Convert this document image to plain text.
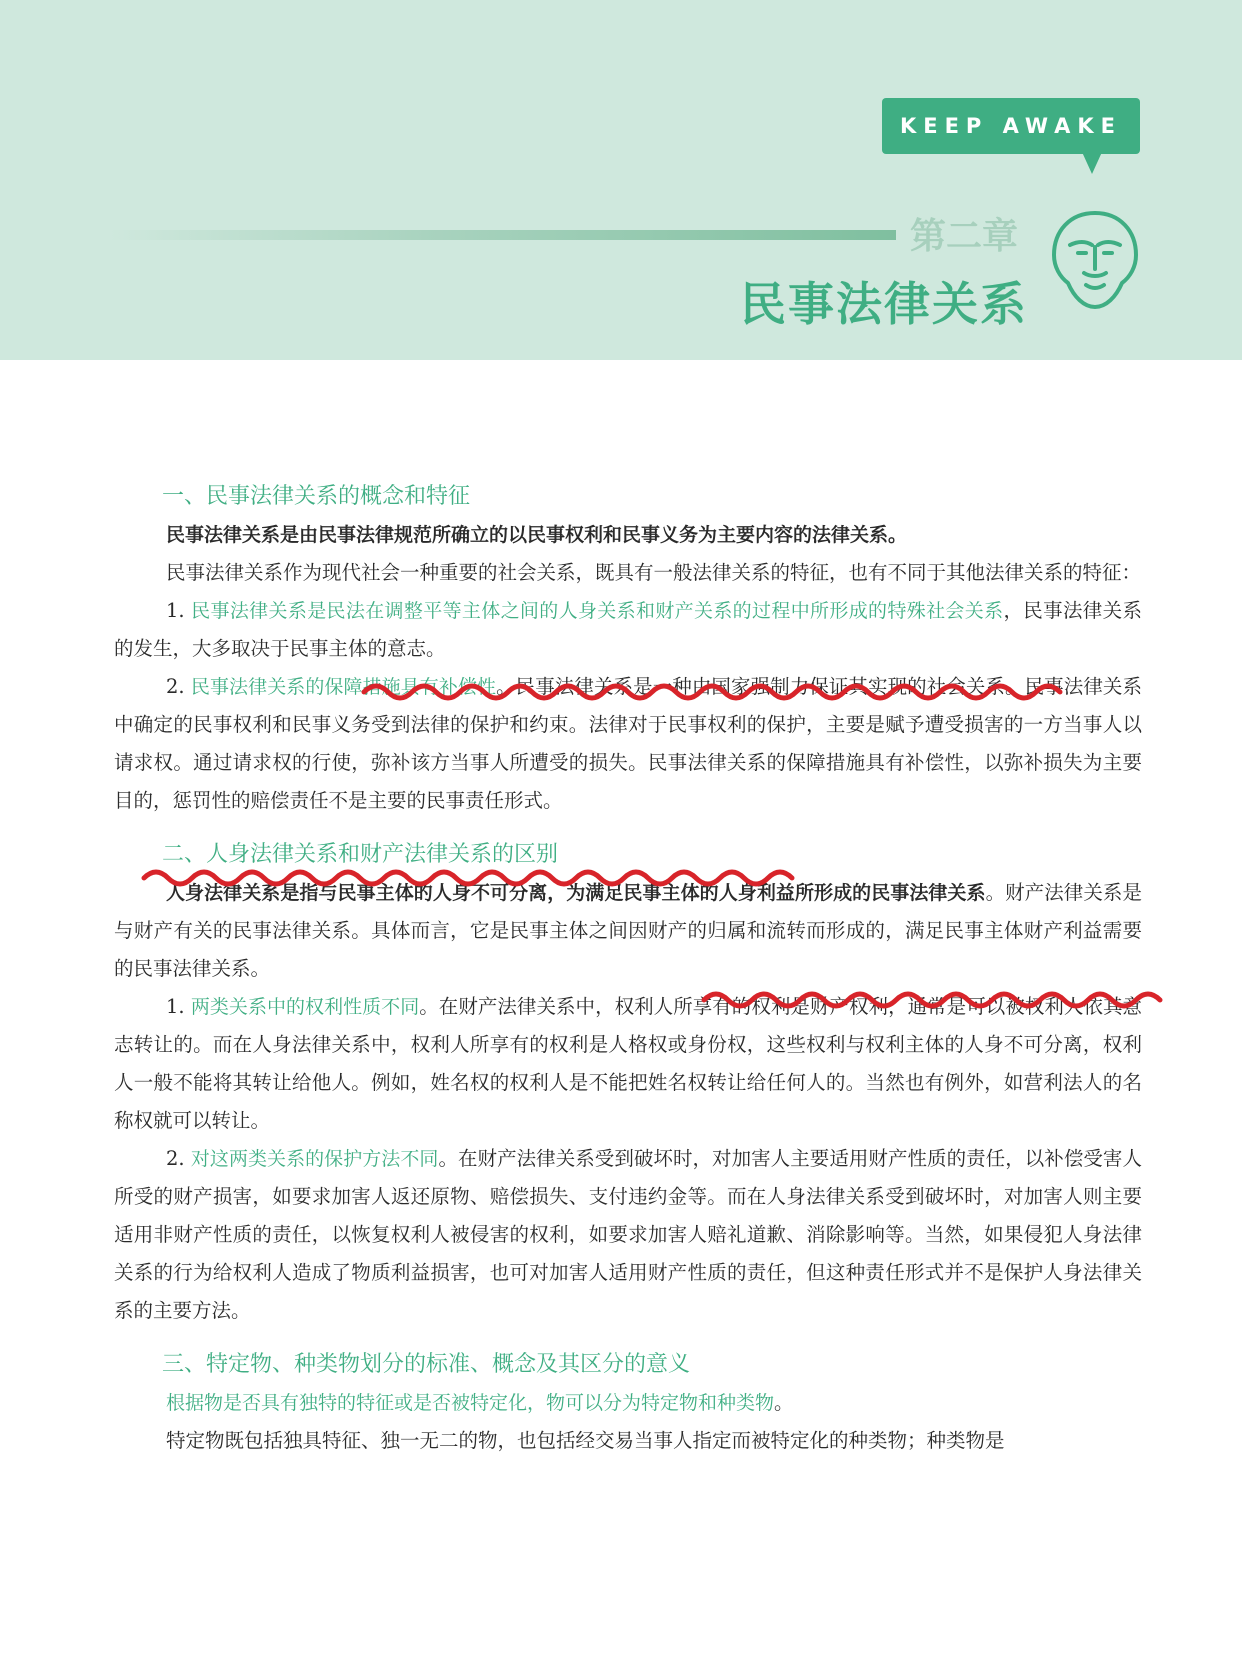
KEEP AWAKE
第二章
民事法律关系
一、民事法律关系的概念和特征

民事法律关系是由民事法律规范所确立的以民事权利和民事义务为主要内容的法律关系。

民事法律关系作为现代社会一种重要的社会关系，既具有一般法律关系的特征，也有不同于其他法律关系的特征：

1. 民事法律关系是民法在调整平等主体之间的人身关系和财产关系的过程中所形成的特殊社会关系，民事法律关系的发生，大多取决于民事主体的意志。

2. 民事法律关系的保障措施具有补偿性。民事法律关系是一种由国家强制力保证其实现的社会关系。民事法律关系中确定的民事权利和民事义务受到法律的保护和约束。法律对于民事权利的保护，主要是赋予遭受损害的一方当事人以请求权。通过请求权的行使，弥补该方当事人所遭受的损失。民事法律关系的保障措施具有补偿性，以弥补损失为主要目的，惩罚性的赔偿责任不是主要的民事责任形式。

二、人身法律关系和财产法律关系的区别

人身法律关系是指与民事主体的人身不可分离，为满足民事主体的人身利益所形成的民事法律关系。财产法律关系是与财产有关的民事法律关系。具体而言，它是民事主体之间因财产的归属和流转而形成的，满足民事主体财产利益需要的民事法律关系。

1. 两类关系中的权利性质不同。在财产法律关系中，权利人所享有的权利是财产权利，通常是可以被权利人依其意志转让的。而在人身法律关系中，权利人所享有的权利是人格权或身份权，这些权利与权利主体的人身不可分离，权利人一般不能将其转让给他人。例如，姓名权的权利人是不能把姓名权转让给任何人的。当然也有例外，如营利法人的名称权就可以转让。

2. 对这两类关系的保护方法不同。在财产法律关系受到破坏时，对加害人主要适用财产性质的责任，以补偿受害人所受的财产损害，如要求加害人返还原物、赔偿损失、支付违约金等。而在人身法律关系受到破坏时，对加害人则主要适用非财产性质的责任，以恢复权利人被侵害的权利，如要求加害人赔礼道歉、消除影响等。当然，如果侵犯人身法律关系的行为给权利人造成了物质利益损害，也可对加害人适用财产性质的责任，但这种责任形式并不是保护人身法律关系的主要方法。

三、特定物、种类物划分的标准、概念及其区分的意义

根据物是否具有独特的特征或是否被特定化，物可以分为特定物和种类物。

特定物既包括独具特征、独一无二的物，也包括经交易当事人指定而被特定化的种类物；种类物是
